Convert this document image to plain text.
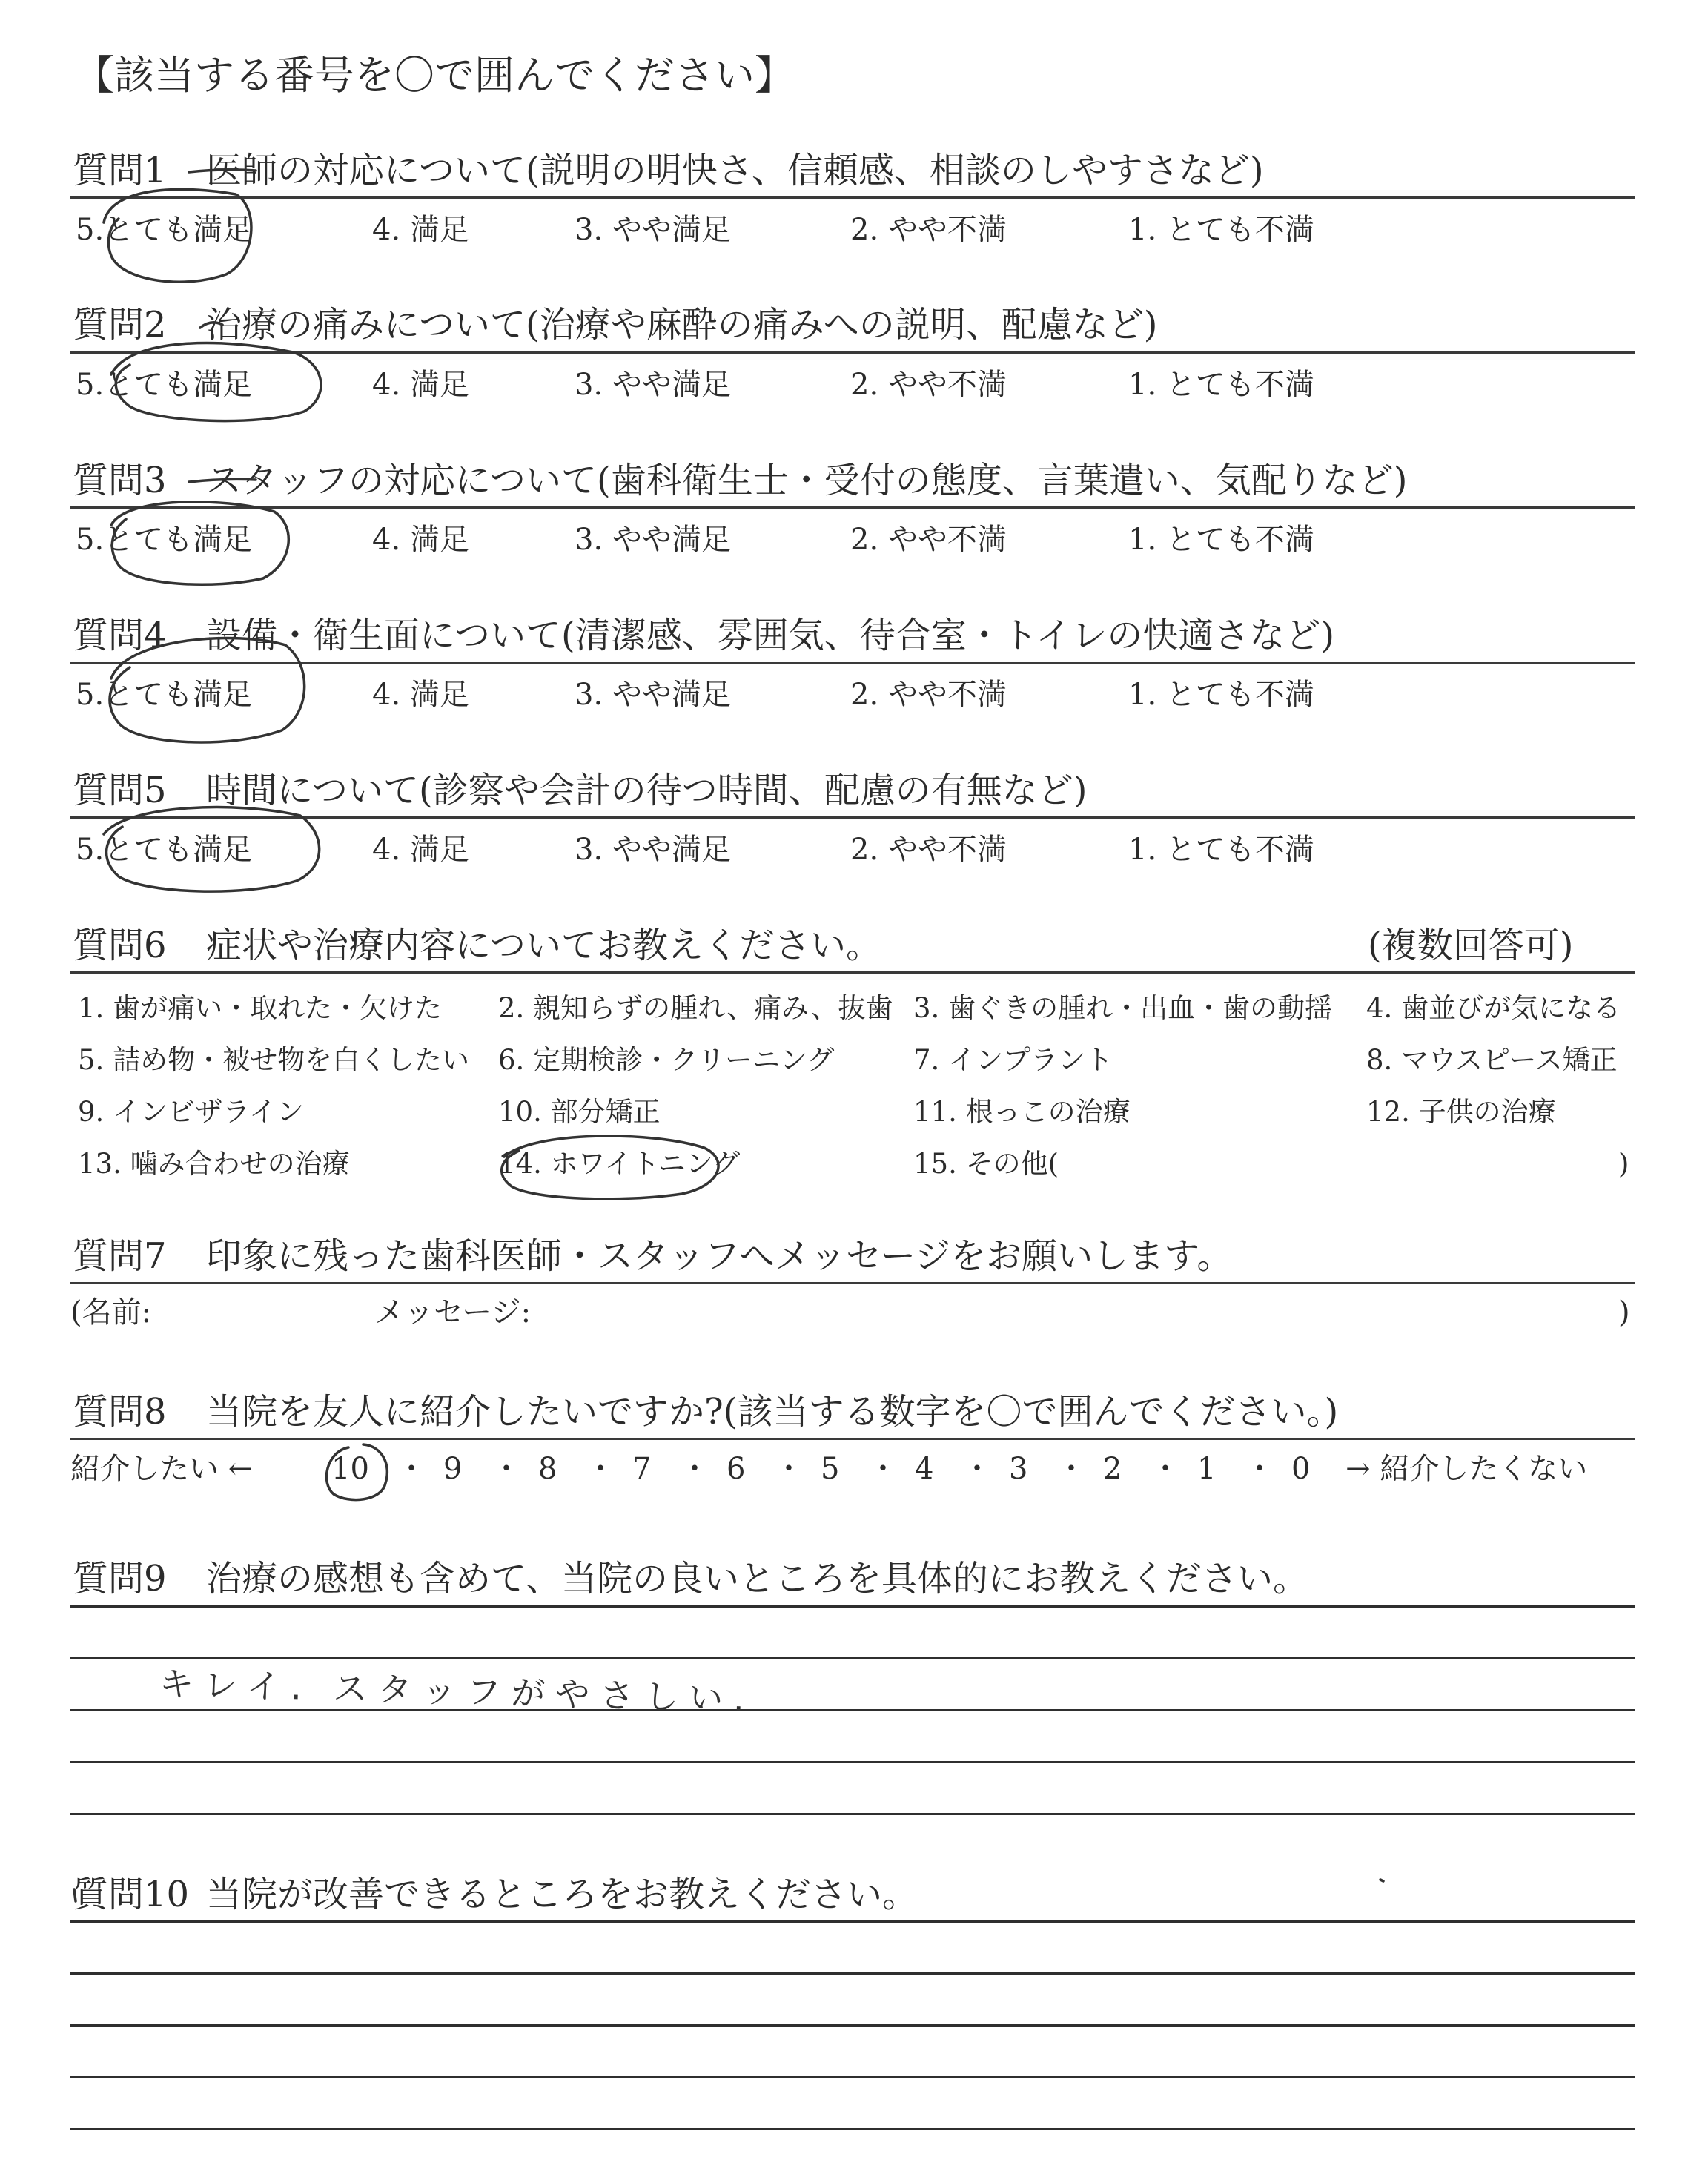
【該当する番号を〇で囲んでください】
質問1 医師の対応について(説明の明快さ、信頼感、相談のしやすさなど)
5.とても満足	4. 満足	3. やや満足	2. やや不満	1. とても不満
質問2 治療の痛みについて(治療や麻酔の痛みへの説明、配慮など)
5.とても満足	4. 満足	3. やや満足	2. やや不満	1. とても不満
質問3 スタッフの対応について(歯科衛生士・受付の態度、言葉遣い、気配りなど)
5.とても満足	4. 満足	3. やや満足	2. やや不満	1. とても不満
質問4 設備・衛生面について(清潔感、雰囲気、待合室・トイレの快適さなど)
5.とても満足	4. 満足	3. やや満足	2. やや不満	1. とても不満
質問5 時間について(診察や会計の待つ時間、配慮の有無など)
5.とても満足	4. 満足	3. やや満足	2. やや不満	1. とても不満
質問6 症状や治療内容についてお教えください。	(複数回答可)
1. 歯が痛い・取れた・欠けた 2. 親知らずの腫れ、痛み、抜歯 3. 歯ぐきの腫れ・出血・歯の動揺 4. 歯並びが気になる
5. 詰め物・被せ物を白くしたい 6. 定期検診・クリーニング	7. インプラント	8. マウスピース矯正
9. インビザライン	10. 部分矯正	11. 根っこの治療	12. 子供の治療
13. 噛み合わせの治療	14. ホワイトニング	15. その他(	)
質問7 印象に残った歯科医師・スタッフへメッセージをお願いします。
(名前:	メッセージ:	)
質問8 当院を友人に紹介したいですか?(該当する数字を〇で囲んでください。)
紹介したい ←	→ 紹介したくない
10 ・ 9 ・ 8 ・ 7 ・ 6 ・ 5 ・ 4 ・ 3 ・ 2 ・ 1 ・ 0
質問9 治療の感想も含めて、当院の良いところを具体的にお教えください。
キレイ. スタッフがやさしい.
質問10 当院が改善できるところをお教えください。
